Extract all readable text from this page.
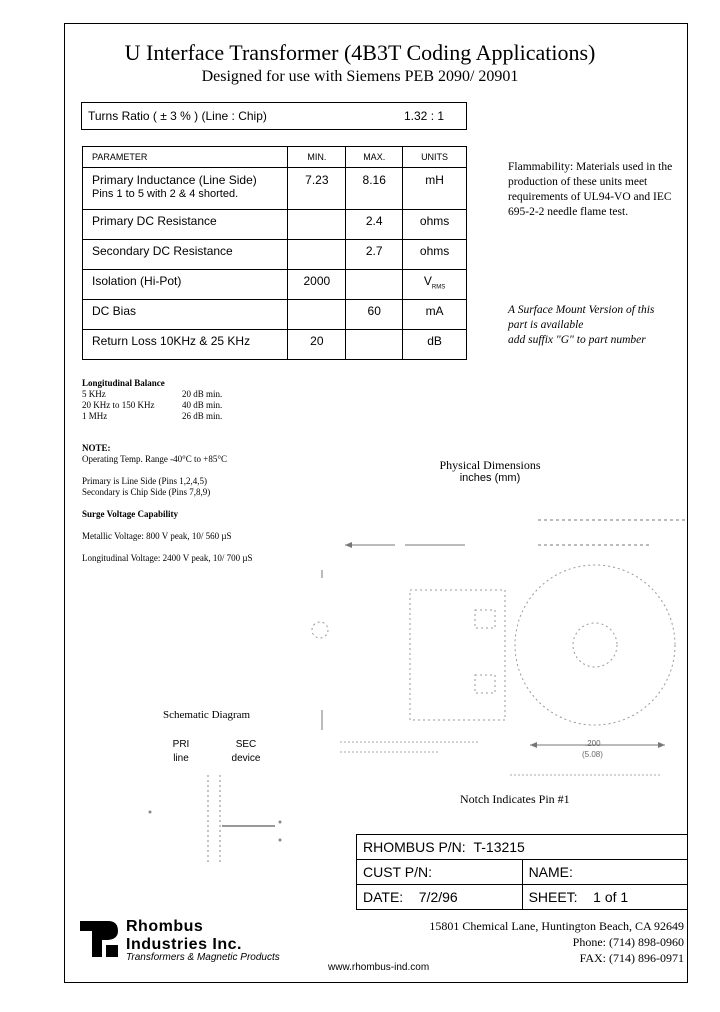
U Interface Transformer (4B3T Coding Applications)
Designed for use with Siemens PEB 2090/ 20901
Turns Ratio ( ± 3 % ) (Line : Chip)	1.32 : 1
PARAMETER	MIN.	MAX.	UNITS

Primary Inductance (Line Side)
Pins 1 to 5 with 2 & 4 shorted.	7.23	8.16	mH
Primary DC Resistance		2.4	ohms
Secondary DC Resistance		2.7	ohms
Isolation (Hi-Pot)	2000		$V_{RMS}$
DC Bias		60	mA
Return Loss 10KHz & 25 KHz	20		dB
Flammability: Materials used in the production of these units meet requirements of UL94-VO and IEC 695-2-2 needle flame test.
A Surface Mount Version of this
part is available
add suffix "G" to part number
Longitudinal Balance
5 KHz	20 dB min.
20 KHz to 150 KHz	40 dB min.
1 MHz	26 dB min.
NOTE:
Operating Temp. Range -40°C to +85°C
Primary is Line Side (Pins 1,2,4,5)
Secondary is Chip Side (Pins 7,8,9)
Surge Voltage Capability
Metallic Voltage: 800 V peak, 10/ 560 µS
Longitudinal Voltage: 2400 V peak, 10/ 700 µS
Physical Dimensions
inches (mm)
.200
(5.08)
Notch Indicates Pin #1
Schematic Diagram
PRI
line
SEC
device
RHOMBUS P/N: T-13215	
CUST P/N:	NAME:
DATE: 7/2/96	SHEET: 1 of 1
Rhombus
Industries Inc.
Transformers & Magnetic Products
15801 Chemical Lane, Huntington Beach, CA 92649
Phone: (714) 898-0960
FAX: (714) 896-0971
www.rhombus-ind.com
